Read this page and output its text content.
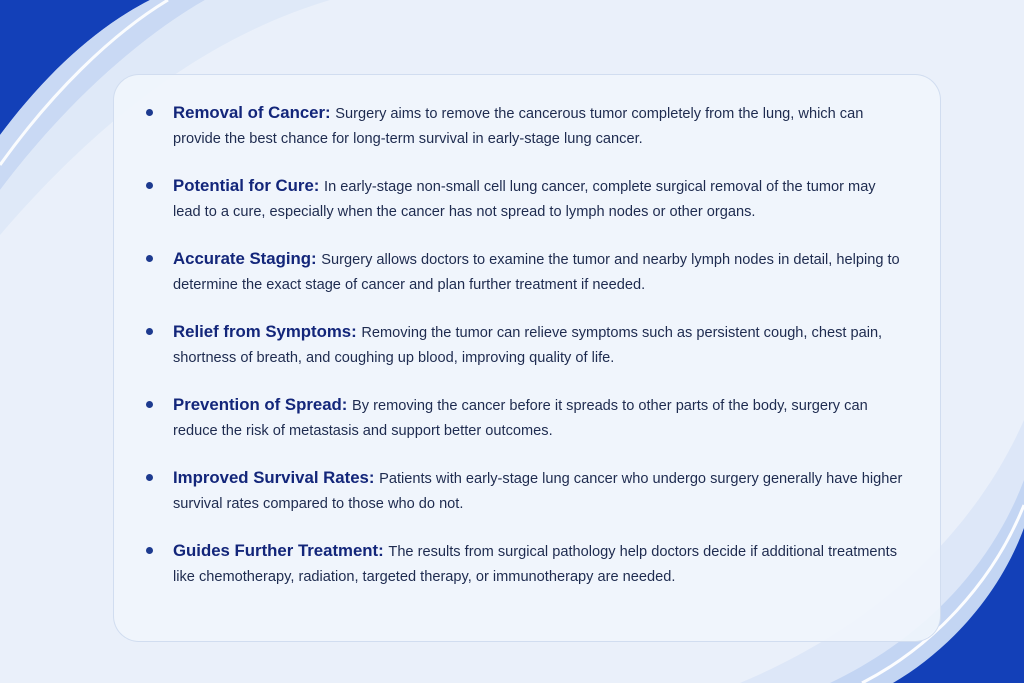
Removal of Cancer: Surgery aims to remove the cancerous tumor completely from the lung, which can provide the best chance for long-term survival in early-stage lung cancer.
Potential for Cure: In early-stage non-small cell lung cancer, complete surgical removal of the tumor may lead to a cure, especially when the cancer has not spread to lymph nodes or other organs.
Accurate Staging: Surgery allows doctors to examine the tumor and nearby lymph nodes in detail, helping to determine the exact stage of cancer and plan further treatment if needed.
Relief from Symptoms: Removing the tumor can relieve symptoms such as persistent cough, chest pain, shortness of breath, and coughing up blood, improving quality of life.
Prevention of Spread: By removing the cancer before it spreads to other parts of the body, surgery can reduce the risk of metastasis and support better outcomes.
Improved Survival Rates: Patients with early-stage lung cancer who undergo surgery generally have higher survival rates compared to those who do not.
Guides Further Treatment: The results from surgical pathology help doctors decide if additional treatments like chemotherapy, radiation, targeted therapy, or immunotherapy are needed.
